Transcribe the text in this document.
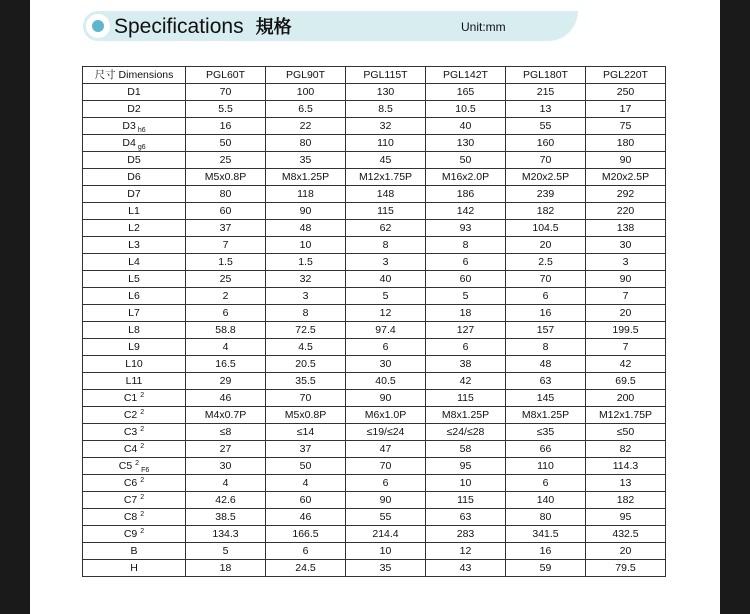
Specifications 規格	Unit:mm
尺寸 Dimensions	PGL60T	PGL90T	PGL115T	PGL142T	PGL180T	PGL220T
D1	70	100	130	165	215	250
D2	5.5	6.5	8.5	10.5	13	17
D3 $_{h6}$	16	22	32	40	55	75
D4 $_{g6}$	50	80	110	130	160	180
D5	25	35	45	50	70	90
D6	M5x0.8P	M8x1.25P	M12x1.75P	M16x2.0P	M20x2.5P	M20x2.5P
D7	80	118	148	186	239	292
L1	60	90	115	142	182	220
L2	37	48	62	93	104.5	138
L3	7	10	8	8	20	30
L4	1.5	1.5	3	6	2.5	3
L5	25	32	40	60	70	90
L6	2	3	5	5	6	7
L7	6	8	12	18	16	20
L8	58.8	72.5	97.4	127	157	199.5
L9	4	4.5	6	6	8	7
L10	16.5	20.5	30	38	48	42
L11	29	35.5	40.5	42	63	69.5
C1 $^2$	46	70	90	115	145	200
C2 $^2$	M4x0.7P	M5x0.8P	M6x1.0P	M8x1.25P	M8x1.25P	M12x1.75P
C3 $^2$	≤8	≤14	≤19/≤24	≤24/≤28	≤35	≤50
C4 $^2$	27	37	47	58	66	82
C5 $^2_{F6}$	30	50	70	95	110	114.3
C6 $^2$	4	4	6	10	6	13
C7 $^2$	42.6	60	90	115	140	182
C8 $^2$	38.5	46	55	63	80	95
C9 $^2$	134.3	166.5	214.4	283	341.5	432.5
B	5	6	10	12	16	20
H	18	24.5	35	43	59	79.5
